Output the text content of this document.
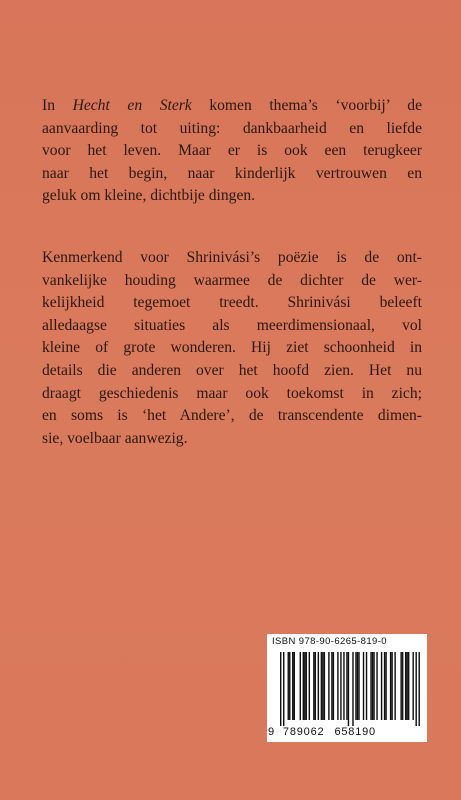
In Hecht en Sterk komen thema’s ‘voorbij’ de
aanvaarding tot uiting: dankbaarheid en liefde
voor het leven. Maar er is ook een terugkeer
naar het begin, naar kinderlijk vertrouwen en
geluk om kleine, dichtbije dingen.

Kenmerkend voor Shrinivási’s poëzie is de ont-
vankelijke houding waarmee de dichter de wer-
kelijkheid tegemoet treedt. Shrinivási beleeft
alledaagse situaties als meerdimensionaal, vol
kleine of grote wonderen. Hij ziet schoonheid in
details die anderen over het hoofd zien. Het nu
draagt geschiedenis maar ook toekomst in zich;
en soms is ‘het Andere’, de transcendente dimen-
sie, voelbaar aanwezig.

ISBN 978-90-6265-819-0
9 789062 658190
